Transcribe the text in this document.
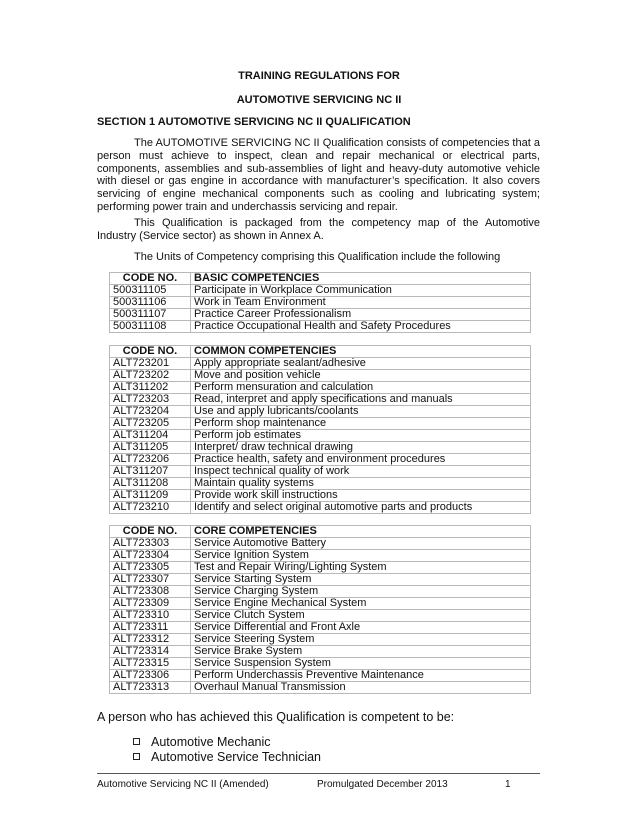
TRAINING REGULATIONS FOR
AUTOMOTIVE SERVICING NC II
SECTION 1 AUTOMOTIVE SERVICING NC II QUALIFICATION
The AUTOMOTIVE SERVICING NC II Qualification consists of competencies that a person must achieve to inspect, clean and repair mechanical or electrical parts, components, assemblies and sub-assemblies of light and heavy-duty automotive vehicle with diesel or gas engine in accordance with manufacturer’s specification. It also covers servicing of engine mechanical components such as cooling and lubricating system; performing power train and underchassis servicing and repair.
This Qualification is packaged from the competency map of the Automotive Industry (Service sector) as shown in Annex A.
The Units of Competency comprising this Qualification include the following
CODE NO.	BASIC COMPETENCIES
500311105	Participate in Workplace Communication
500311106	Work in Team Environment
500311107	Practice Career Professionalism
500311108	Practice Occupational Health and Safety Procedures
CODE NO.	COMMON COMPETENCIES
ALT723201	Apply appropriate sealant/adhesive
ALT723202	Move and position vehicle
ALT311202	Perform mensuration and calculation
ALT723203	Read, interpret and apply specifications and manuals
ALT723204	Use and apply lubricants/coolants
ALT723205	Perform shop maintenance
ALT311204	Perform job estimates
ALT311205	Interpret/ draw technical drawing
ALT723206	Practice health, safety and environment procedures
ALT311207	Inspect technical quality of work
ALT311208	Maintain quality systems
ALT311209	Provide work skill instructions
ALT723210	Identify and select original automotive parts and products
CODE NO.	CORE COMPETENCIES
ALT723303	Service Automotive Battery
ALT723304	Service Ignition System
ALT723305	Test and Repair Wiring/Lighting System
ALT723307	Service Starting System
ALT723308	Service Charging System
ALT723309	Service Engine Mechanical System
ALT723310	Service Clutch System
ALT723311	Service Differential and Front Axle
ALT723312	Service Steering System
ALT723314	Service Brake System
ALT723315	Service Suspension System
ALT723306	Perform Underchassis Preventive Maintenance
ALT723313	Overhaul Manual Transmission
A person who has achieved this Qualification is competent to be:
Automotive Mechanic
Automotive Service Technician
Automotive Servicing NC II (Amended)	Promulgated December 2013	1
